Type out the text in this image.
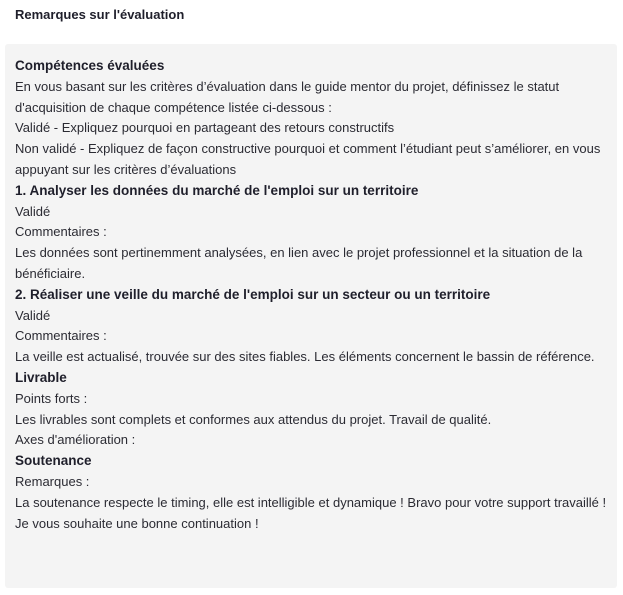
Remarques sur l'évaluation
Compétences évaluées
En vous basant sur les critères d’évaluation dans le guide mentor du projet, définissez le statut d'acquisition de chaque compétence listée ci-dessous :
Validé - Expliquez pourquoi en partageant des retours constructifs
Non validé - Expliquez de façon constructive pourquoi et comment l’étudiant peut s’améliorer, en vous appuyant sur les critères d’évaluations
1. Analyser les données du marché de l'emploi sur un territoire
Validé
Commentaires :
Les données sont pertinemment analysées, en lien avec le projet professionnel et la situation de la bénéficiaire.
2. Réaliser une veille du marché de l'emploi sur un secteur ou un territoire
Validé
Commentaires :
La veille est actualisé, trouvée sur des sites fiables. Les éléments concernent le bassin de référence.
Livrable
Points forts :
Les livrables sont complets et conformes aux attendus du projet. Travail de qualité.
Axes d'amélioration :
Soutenance
Remarques :
La soutenance respecte le timing, elle est intelligible et dynamique ! Bravo pour votre support travaillé !
Je vous souhaite une bonne continuation !
